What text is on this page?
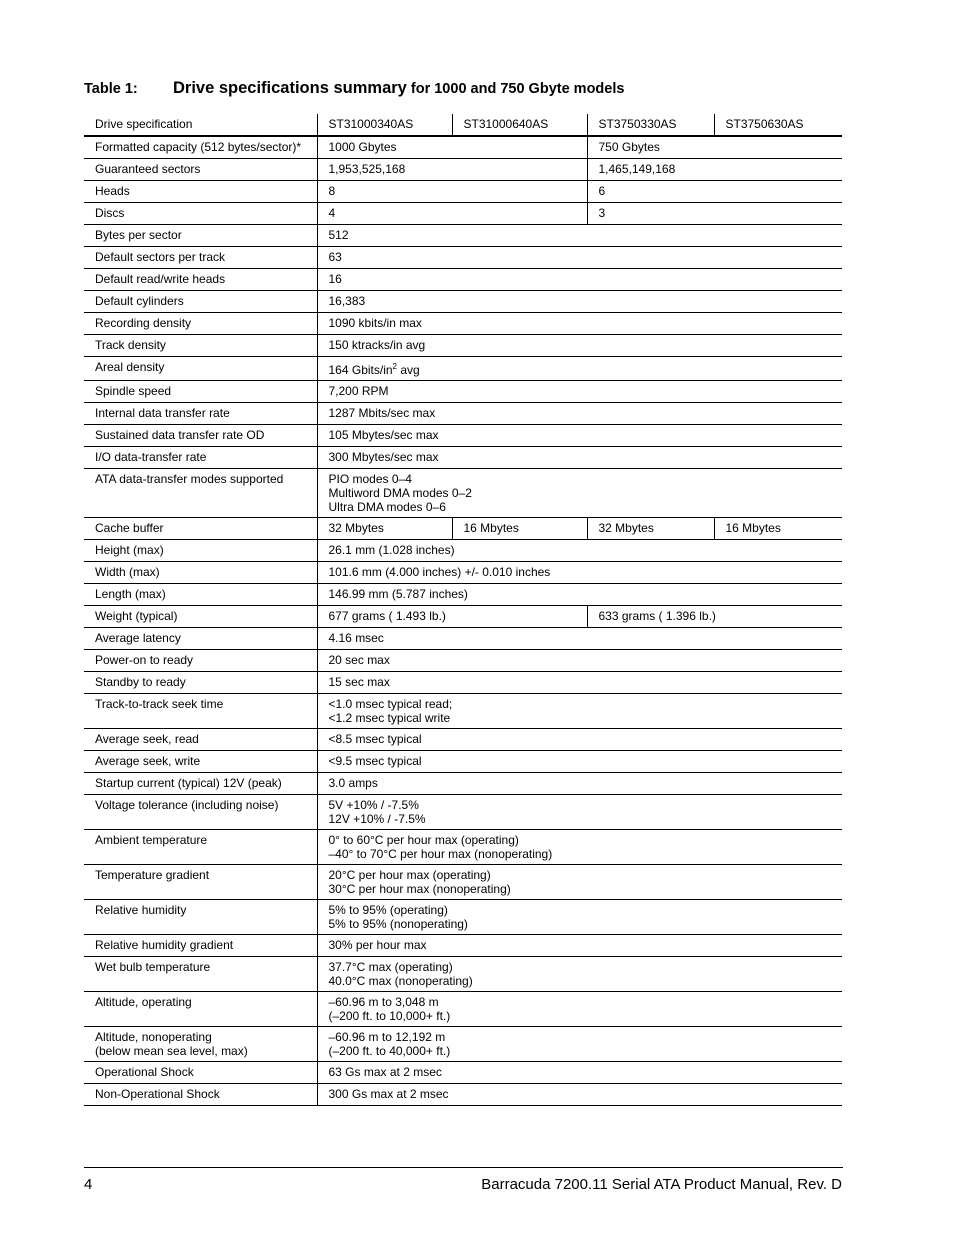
Table 1: Drive specifications summary for 1000 and 750 Gbyte models
Drive specification	ST31000340AS	ST31000640AS	ST3750330AS	ST3750630AS
Formatted capacity (512 bytes/sector)*	1000 Gbytes		750 Gbytes	
Guaranteed sectors	1,953,525,168		1,465,149,168	
Heads	8		6	
Discs	4		3	
Bytes per sector	512			
Default sectors per track	63			
Default read/write heads	16			
Default cylinders	16,383			
Recording density	1090 kbits/in max			
Track density	150 ktracks/in avg			
Areal density	164 Gbits/$in^2$ avg			
Spindle speed	7,200 RPM			
Internal data transfer rate	1287 Mbits/sec max			
Sustained data transfer rate OD	105 Mbytes/sec max			
I/O data-transfer rate	300 Mbytes/sec max			
ATA data-transfer modes supported	PIO modes 0–4
Multiword DMA modes 0–2
Ultra DMA modes 0–6			
Cache buffer	32 Mbytes	16 Mbytes	32 Mbytes	16 Mbytes
Height (max)	26.1 mm (1.028 inches)			
Width (max)	101.6 mm (4.000 inches) +/- 0.010 inches			
Length (max)	146.99 mm (5.787 inches)			
Weight (typical)	677 grams ( 1.493 lb.)		633 grams ( 1.396 lb.)	
Average latency	4.16 msec			
Power-on to ready	20 sec max			
Standby to ready	15 sec max			
Track-to-track seek time	<1.0 msec typical read;
<1.2 msec typical write			
Average seek, read	<8.5 msec typical			
Average seek, write	<9.5 msec typical			
Startup current (typical) 12V (peak)	3.0 amps			
Voltage tolerance (including noise)	5V +10% / -7.5%
12V +10% / -7.5%			
Ambient temperature	0° to 60°C per hour max (operating)
–40° to 70°C per hour max (nonoperating)			
Temperature gradient	20°C per hour max (operating)
30°C per hour max (nonoperating)			
Relative humidity	5% to 95% (operating)
5% to 95% (nonoperating)			
Relative humidity gradient	30% per hour max			
Wet bulb temperature	37.7°C max (operating)
40.0°C max (nonoperating)			
Altitude, operating	–60.96 m to 3,048 m
(–200 ft. to 10,000+ ft.)			
Altitude, nonoperating
(below mean sea level, max)	–60.96 m to 12,192 m
(–200 ft. to 40,000+ ft.)			
Operational Shock	63 Gs max at 2 msec			
Non-Operational Shock	300 Gs max at 2 msec			
4	Barracuda 7200.11 Serial ATA Product Manual, Rev. D
